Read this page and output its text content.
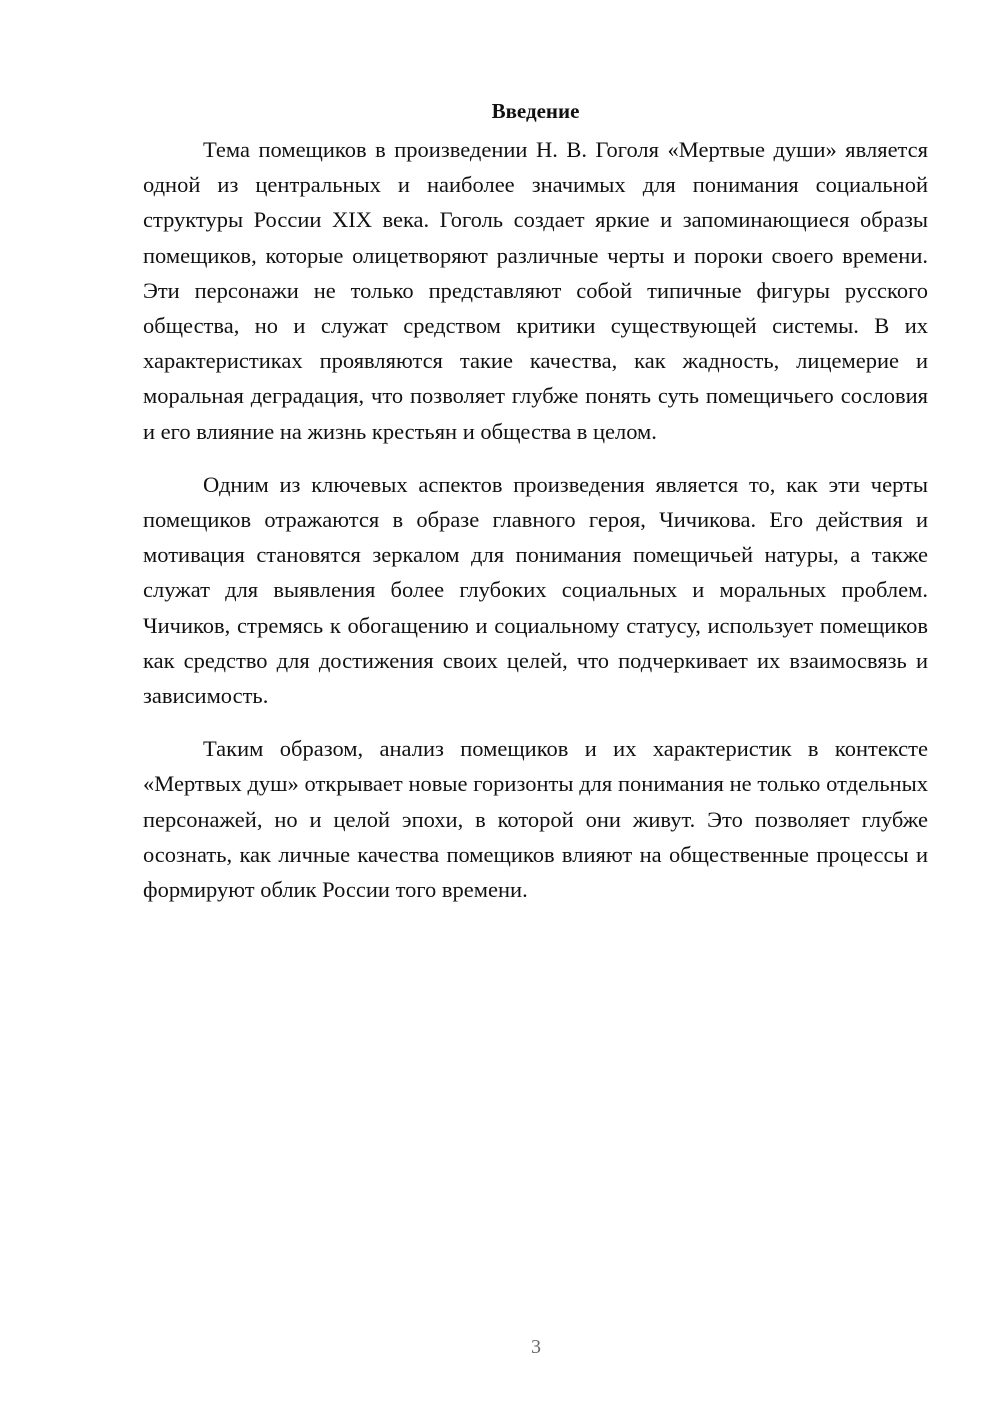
Введение

Тема помещиков в произведении Н. В. Гоголя «Мертвые души» является одной из центральных и наиболее значимых для понимания социальной структуры России XIX века. Гоголь создает яркие и запоминающиеся образы помещиков, которые олицетворяют различные черты и пороки своего времени. Эти персонажи не только представляют собой типичные фигуры русского общества, но и служат средством критики существующей системы. В их характеристиках проявляются такие качества, как жадность, лицемерие и моральная деградация, что позволяет глубже понять суть помещичьего сословия и его влияние на жизнь крестьян и общества в целом.

Одним из ключевых аспектов произведения является то, как эти черты помещиков отражаются в образе главного героя, Чичикова. Его действия и мотивация становятся зеркалом для понимания помещичьей натуры, а также служат для выявления более глубоких социальных и моральных проблем. Чичиков, стремясь к обогащению и социальному статусу, использует помещиков как средство для достижения своих целей, что подчеркивает их взаимосвязь и зависимость.

Таким образом, анализ помещиков и их характеристик в контексте «Мертвых душ» открывает новые горизонты для понимания не только отдельных персонажей, но и целой эпохи, в которой они живут. Это позволяет глубже осознать, как личные качества помещиков влияют на общественные процессы и формируют облик России того времени.

3
